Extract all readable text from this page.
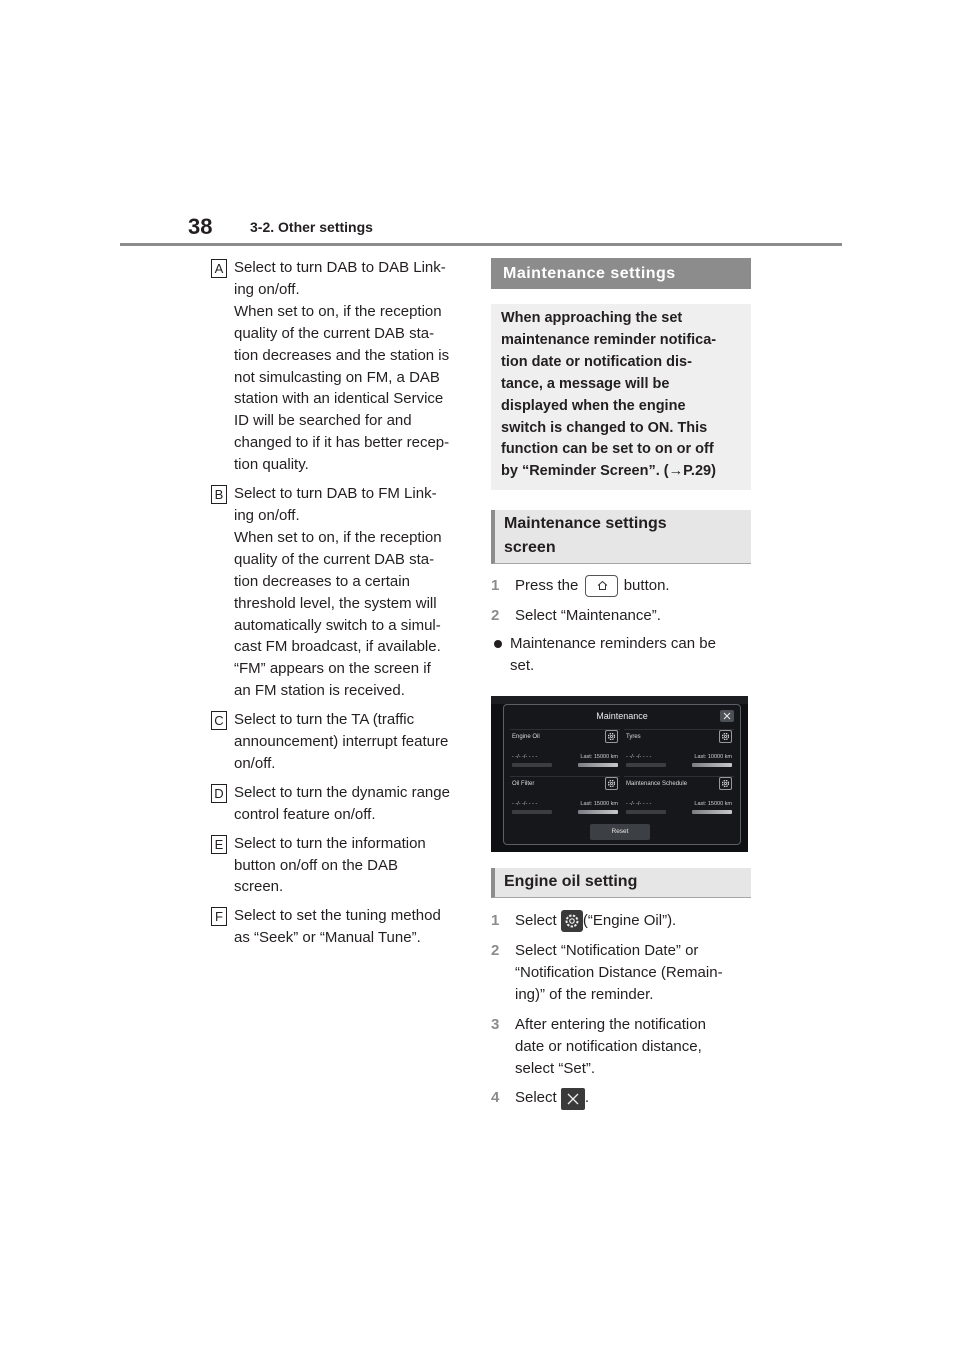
38	3-2. Other settings
A Select to turn DAB to DAB Link-
ing on/off.
When set to on, if the reception
quality of the current DAB sta-
tion decreases and the station is
not simulcasting on FM, a DAB
station with an identical Service
ID will be searched for and
changed to if it has better recep-
tion quality.
B Select to turn DAB to FM Link-
ing on/off.
When set to on, if the reception
quality of the current DAB sta-
tion decreases to a certain
threshold level, the system will
automatically switch to a simul-
cast FM broadcast, if available.
“FM” appears on the screen if
an FM station is received.
C Select to turn the TA (traffic
announcement) interrupt feature
on/off.
D Select to turn the dynamic range
control feature on/off.
E Select to turn the information
button on/off on the DAB
screen.
F Select to set the tuning method
as “Seek” or “Manual Tune”.
Maintenance settings
When approaching the set
maintenance reminder notifica-
tion date or notification dis-
tance, a message will be
displayed when the engine
switch is changed to ON. This
function can be set to on or off
by “Reminder Screen”. (→P.29)
Maintenance settings
screen
1 Press the	button.
2 Select “Maintenance”.
Maintenance reminders can be
set.
Maintenance
Engine Oil
- -/- -/- - - -	Last: 15000 km
Tyres
- -/- -/- - - -	Last: 10000 km
Oil Filter
- -/- -/- - - -	Last: 15000 km
Maintenance Schedule
- -/- -/- - - -	Last: 15000 km
Reset
Engine oil setting
1 Select (“Engine Oil”).
2 Select “Notification Date” or
“Notification Distance (Remain-
ing)” of the reminder.
3 After entering the notification
date or notification distance,
select “Set”.
4 Select .
